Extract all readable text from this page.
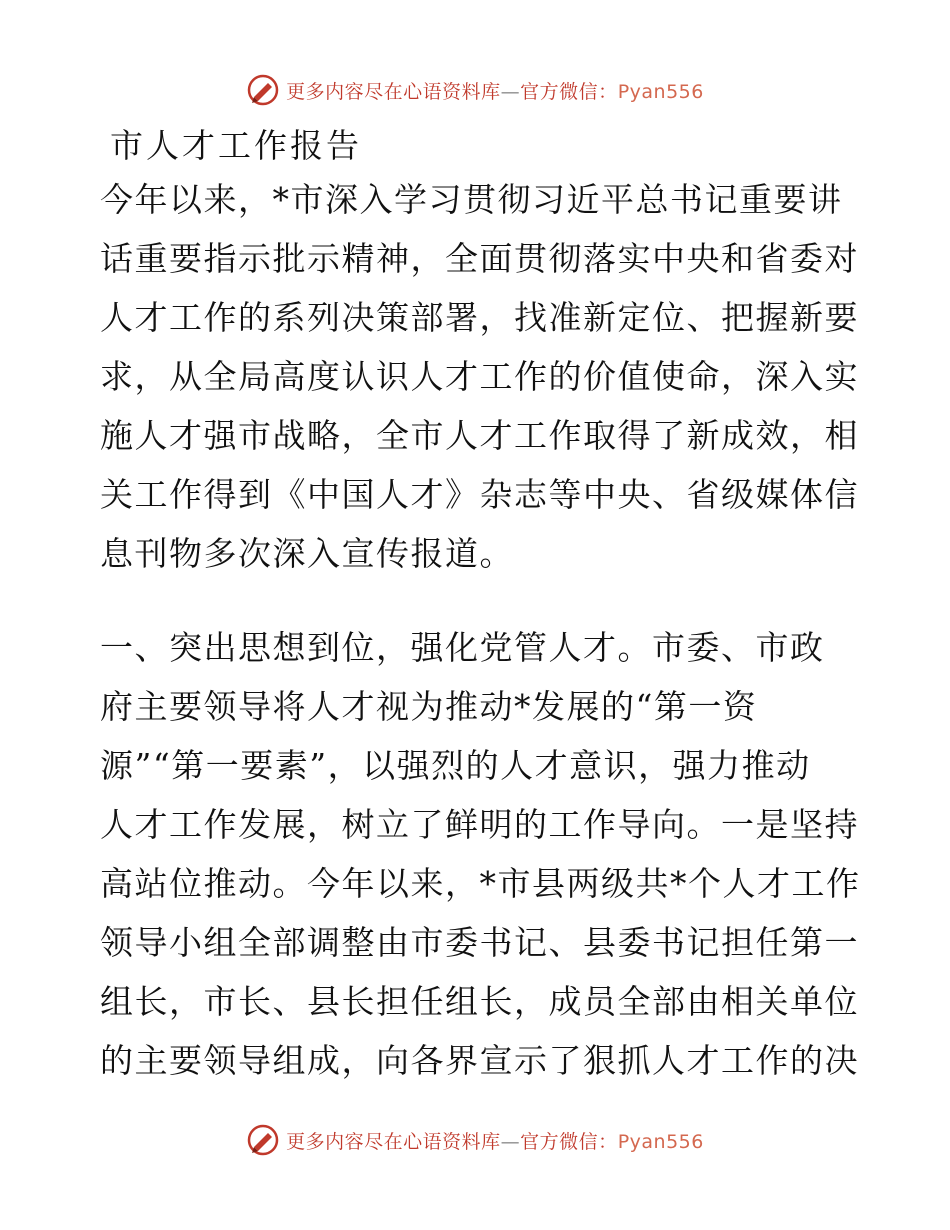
更多内容尽在心语资料库—官方微信：Pyan556
市人才工作报告
今年以来，*市深入学习贯彻习近平总书记重要讲
话重要指示批示精神，全面贯彻落实中央和省委对
人才工作的系列决策部署，找准新定位、把握新要
求，从全局高度认识人才工作的价值使命，深入实
施人才强市战略，全市人才工作取得了新成效，相
关工作得到《中国人才》杂志等中央、省级媒体信
息刊物多次深入宣传报道。
一、突出思想到位，强化党管人才。市委、市政
府主要领导将人才视为推动*发展的“第一资
源”“第一要素”，以强烈的人才意识，强力推动
人才工作发展，树立了鲜明的工作导向。一是坚持
高站位推动。今年以来，*市县两级共*个人才工作
领导小组全部调整由市委书记、县委书记担任第一
组长，市长、县长担任组长，成员全部由相关单位
的主要领导组成，向各界宣示了狠抓人才工作的决
更多内容尽在心语资料库—官方微信：Pyan556
